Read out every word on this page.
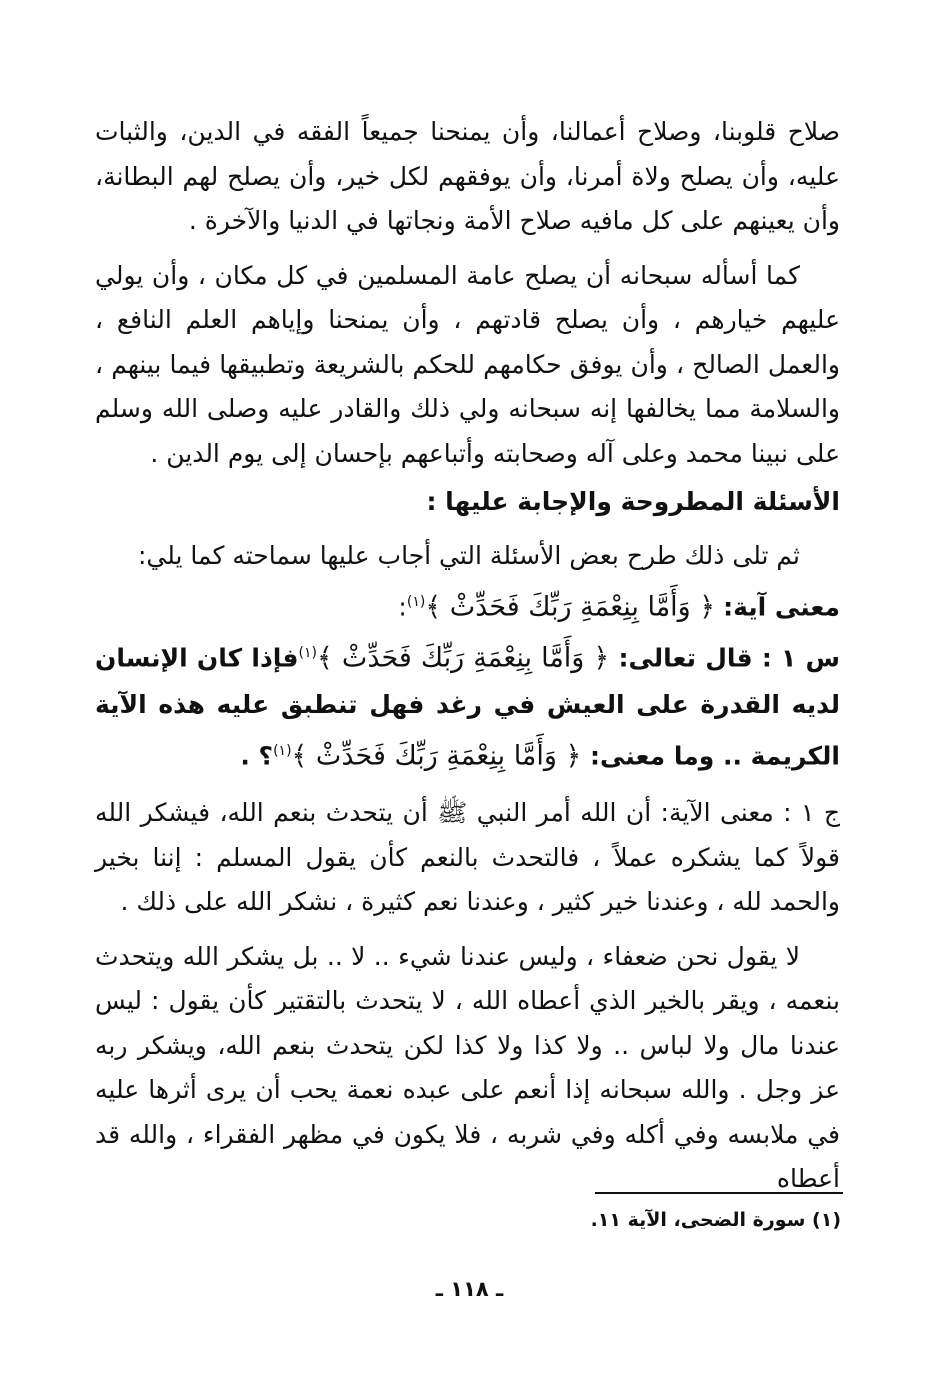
صلاح قلوبنا، وصلاح أعمالنا، وأن يمنحنا جميعاً الفقه في الدين، والثبات عليه، وأن يصلح ولاة أمرنا، وأن يوفقهم لكل خير، وأن يصلح لهم البطانة، وأن يعينهم على كل مافيه صلاح الأمة ونجاتها في الدنيا والآخرة .

كما أسأله سبحانه أن يصلح عامة المسلمين في كل مكان ، وأن يولي عليهم خيارهم ، وأن يصلح قادتهم ، وأن يمنحنا وإياهم العلم النافع ، والعمل الصالح ، وأن يوفق حكامهم للحكم بالشريعة وتطبيقها فيما بينهم ، والسلامة مما يخالفها إنه سبحانه ولي ذلك والقادر عليه وصلى الله وسلم على نبينا محمد وعلى آله وصحابته وأتباعهم بإحسان إلى يوم الدين .

الأسئلة المطروحة والإجابة عليها :

ثم تلى ذلك طرح بعض الأسئلة التي أجاب عليها سماحته كما يلي:

معنى آية: ﴿ وَأَمَّا بِنِعْمَةِ رَبِّكَ فَحَدِّثْ ﴾$^{(١)}$:

س ١ : قال تعالى: ﴿ وَأَمَّا بِنِعْمَةِ رَبِّكَ فَحَدِّثْ ﴾$^{(١)}$فإذا كان الإنسان لديه القدرة على العيش في رغد فهل تنطبق عليه هذه الآية الكريمة .. وما معنى: ﴿ وَأَمَّا بِنِعْمَةِ رَبِّكَ فَحَدِّثْ ﴾$^{(١)}$؟ .

ج ١ : معنى الآية: أن الله أمر النبي ﷺ أن يتحدث بنعم الله، فيشكر الله قولاً كما يشكره عملاً ، فالتحدث بالنعم كأن يقول المسلم : إننا بخير والحمد لله ، وعندنا خير كثير ، وعندنا نعم كثيرة ، نشكر الله على ذلك .

لا يقول نحن ضعفاء ، وليس عندنا شيء .. لا .. بل يشكر الله ويتحدث بنعمه ، ويقر بالخير الذي أعطاه الله ، لا يتحدث بالتقتير كأن يقول : ليس عندنا مال ولا لباس .. ولا كذا ولا كذا لكن يتحدث بنعم الله، ويشكر ربه عز وجل . والله سبحانه إذا أنعم على عبده نعمة يحب أن يرى أثرها عليه في ملابسه وفي أكله وفي شربه ، فلا يكون في مظهر الفقراء ، والله قد أعطاه

(١) سورة الضحى، الآية ١١.
ـ ١١٨ ـ
